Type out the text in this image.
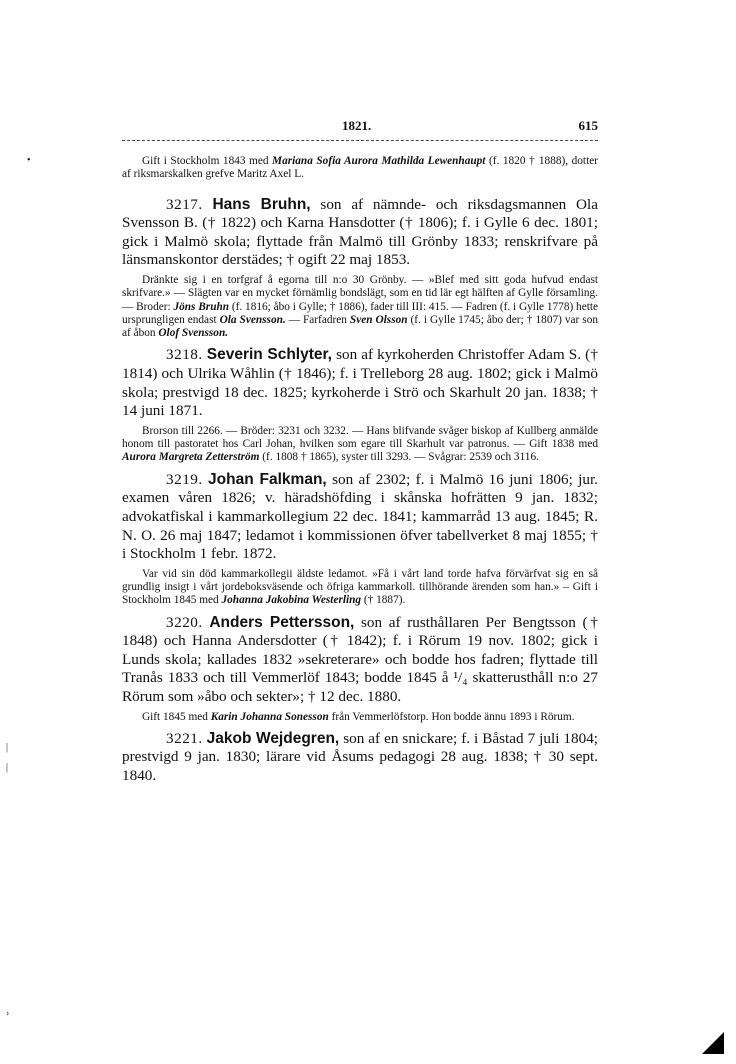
•
|
|
›
1821.	615

Gift i Stockholm 1843 med Mariana Sofia Aurora Mathilda Lewenhaupt (f. 1820 † 1888), dotter af riksmarskalken grefve Maritz Axel L.

3217. Hans Bruhn, son af nämnde- och riksdagsmannen Ola Svensson B. († 1822) och Karna Hansdotter († 1806); f. i Gylle 6 dec. 1801; gick i Malmö skola; flyttade från Malmö till Grönby 1833; renskrifvare på länsmanskontor derstädes; † ogift 22 maj 1853.

Dränkte sig i en torfgraf å egorna till n:o 30 Grönby. — »Blef med sitt goda hufvud endast skrifvare.» — Slägten var en mycket förnämlig bondslägt, som en tid lär egt hälften af Gylle församling. — Broder: Jöns Bruhn (f. 1816; åbo i Gylle; † 1886), fader till III: 415. — Fadren (f. i Gylle 1778) hette ursprungligen endast Ola Svensson. — Farfadren Sven Olsson (f. i Gylle 1745; åbo der; † 1807) var son af åbon Olof Svensson.

3218. Severin Schlyter, son af kyrkoherden Christoffer Adam S. († 1814) och Ulrika Wåhlin († 1846); f. i Trelleborg 28 aug. 1802; gick i Malmö skola; prestvigd 18 dec. 1825; kyrkoherde i Strö och Skarhult 20 jan. 1838; † 14 juni 1871.

Brorson till 2266. — Bröder: 3231 och 3232. — Hans blifvande svåger biskop af Kullberg anmälde honom till pastoratet hos Carl Johan, hvilken som egare till Skarhult var patronus. — Gift 1838 med Aurora Margreta Zetterström (f. 1808 † 1865), syster till 3293. — Svågrar: 2539 och 3116.

3219. Johan Falkman, son af 2302; f. i Malmö 16 juni 1806; jur. examen våren 1826; v. häradshöfding i skånska hofrätten 9 jan. 1832; advokatfiskal i kammarkollegium 22 dec. 1841; kammarråd 13 aug. 1845; R. N. O. 26 maj 1847; ledamot i kommissionen öfver tabellverket 8 maj 1855; † i Stockholm 1 febr. 1872.

Var vid sin död kammarkollegii äldste ledamot. »Få i vårt land torde hafva förvärfvat sig en så grundlig insigt i vårt jordeboksväsende och öfriga kammarkoll. tillhörande ärenden som han.» – Gift i Stockholm 1845 med Johanna Jakobina Westerling († 1887).

3220. Anders Pettersson, son af rusthållaren Per Bengtsson († 1848) och Hanna Andersdotter († 1842); f. i Rörum 19 nov. 1802; gick i Lunds skola; kallades 1832 »sekreterare» och bodde hos fadren; flyttade till Tranås 1833 och till Vemmerlöf 1843; bodde 1845 å ¹/₄ skatterusthåll n:o 27 Rörum som »åbo och sekter»; † 12 dec. 1880.

Gift 1845 med Karin Johanna Sonesson från Vemmerlöfstorp. Hon bodde ännu 1893 i Rörum.

3221. Jakob Wejdegren, son af en snickare; f. i Båstad 7 juli 1804; prestvigd 9 jan. 1830; lärare vid Åsums pedagogi 28 aug. 1838; † 30 sept. 1840.
